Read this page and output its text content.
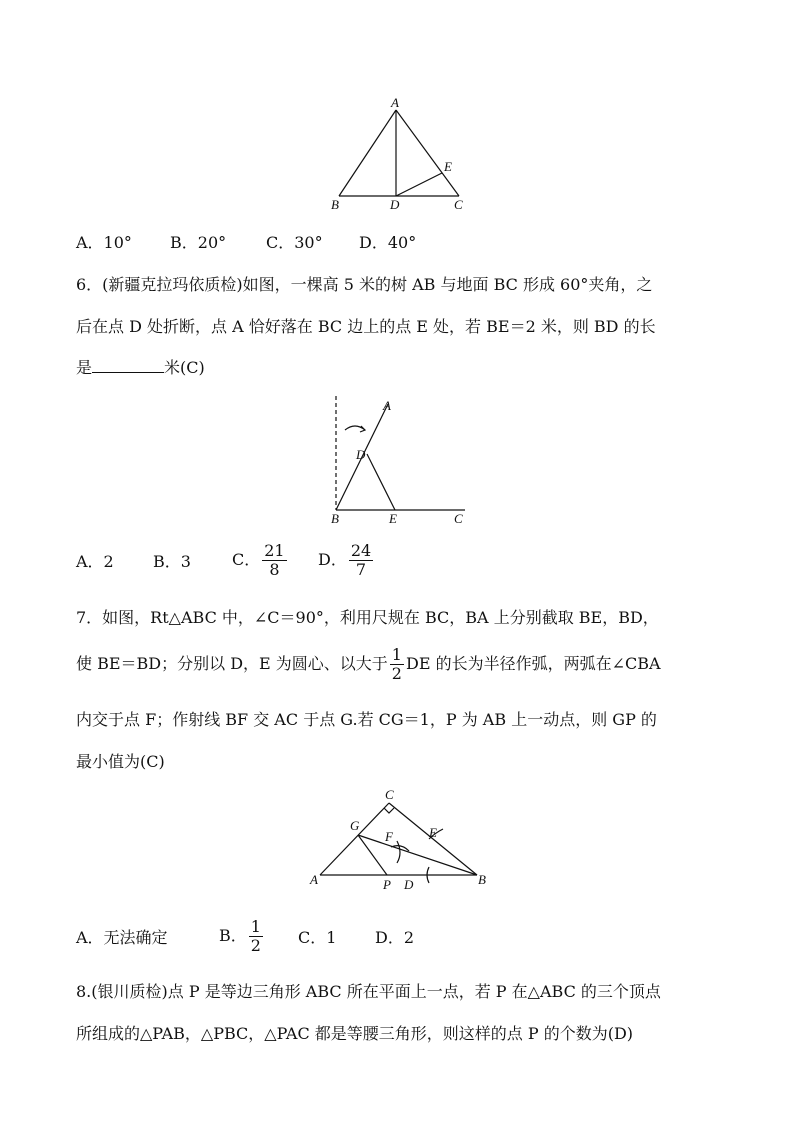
A
B	D	C
E
A．10° B．20° C．30° D．40°
6．(新疆克拉玛依质检)如图，一棵高 5 米的树 AB 与地面 BC 形成 60°夹角，之
后在点 D 处折断，点 A 恰好落在 BC 边上的点 E 处，若 BE＝2 米，则 BD 的长
是	米(C)
A
D
B	E	C
A．2 B．3	C． $\frac{21}{8}$ D． $\frac{24}{7}$
7．如图，Rt△ABC 中，∠C＝90°，利用尺规在 BC，BA 上分别截取 BE，BD，
使 BE＝BD；分别以 D，E 为圆心、以大于 $\frac{1}{2}$ DE 的长为半径作弧，两弧在∠CBA
内交于点 F；作射线 BF 交 AC 于点 G.若 CG＝1，P 为 AB 上一动点，则 GP 的
最小值为(C)
C
G
F	E
A	P D	B
A．无法确定	B． $\frac{1}{2}$ C．1 D．2
8.(银川质检)点 P 是等边三角形 ABC 所在平面上一点，若 P 在△ABC 的三个顶点
所组成的△PAB，△PBC，△PAC 都是等腰三角形，则这样的点 P 的个数为(D)
